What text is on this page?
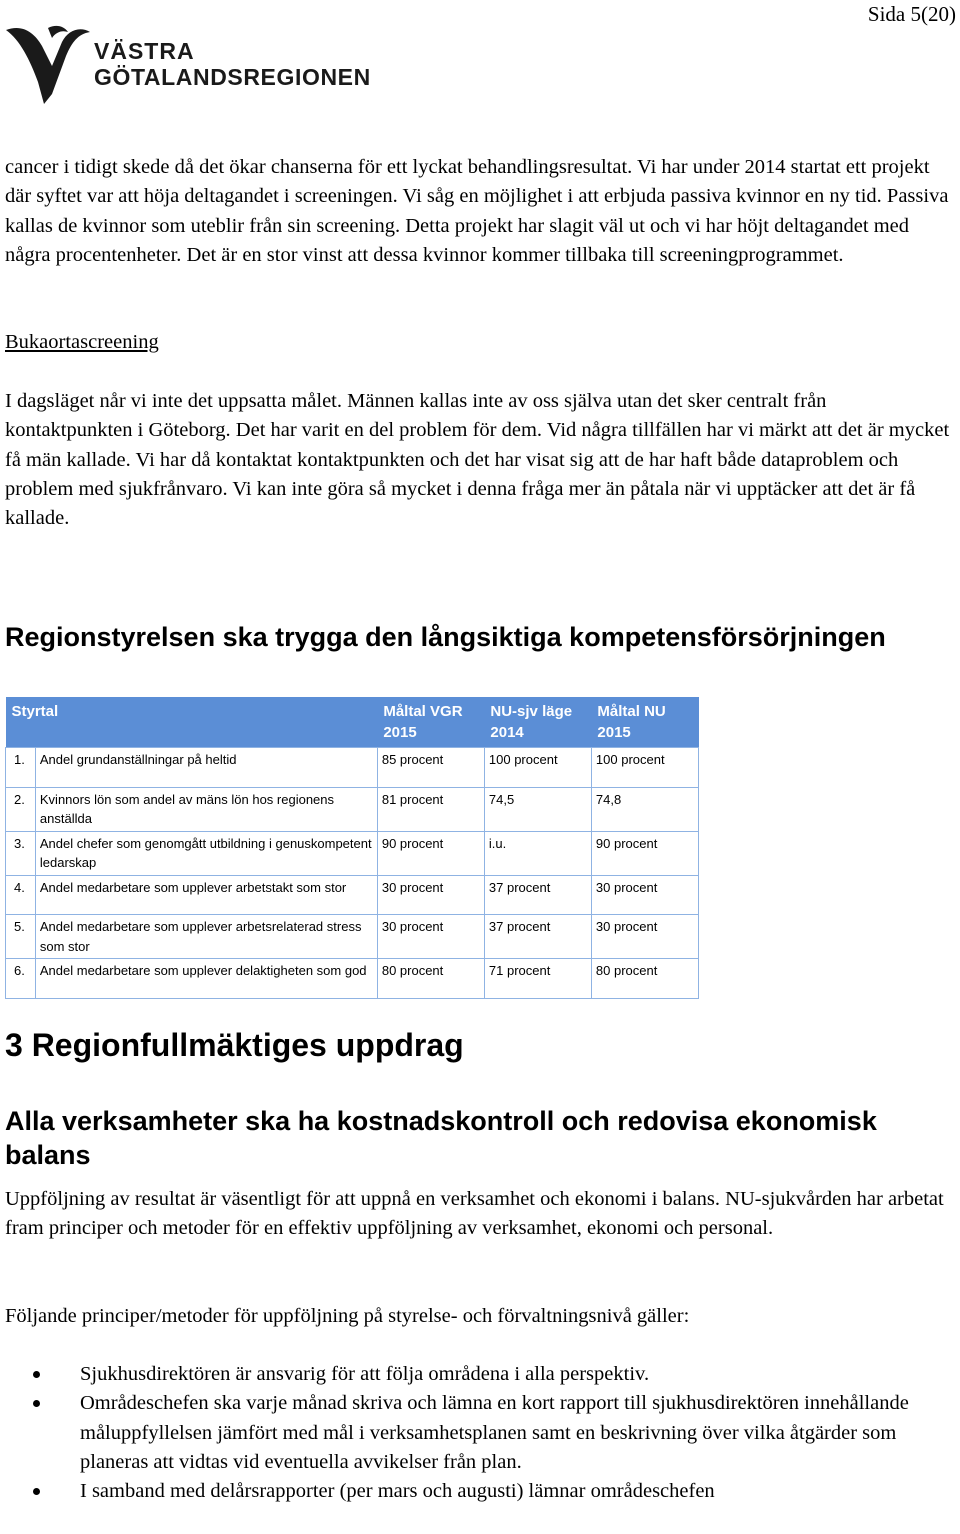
Sida 5(20)
VÄSTRA
GÖTALANDSREGIONEN

cancer i tidigt skede då det ökar chanserna för ett lyckat behandlingsresultat. Vi har under 2014 startat ett projekt där syftet var att höja deltagandet i screeningen. Vi såg en möjlighet i att erbjuda passiva kvinnor en ny tid. Passiva kallas de kvinnor som uteblir från sin screening. Detta projekt har slagit väl ut och vi har höjt deltagandet med några procentenheter. Det är en stor vinst att dessa kvinnor kommer tillbaka till screeningprogrammet.

Bukaortascreening

I dagsläget når vi inte det uppsatta målet. Männen kallas inte av oss själva utan det sker centralt från kontaktpunkten i Göteborg. Det har varit en del problem för dem. Vid några tillfällen har vi märkt att det är mycket få män kallade. Vi har då kontaktat kontaktpunkten och det har visat sig att de har haft både dataproblem och problem med sjukfrånvaro. Vi kan inte göra så mycket i denna fråga mer än påtala när vi upptäcker att det är få kallade.

Regionstyrelsen ska trygga den långsiktiga kompetensförsörjningen
Styrtal		Måltal VGR 2015	NU-sjv läge 2014	Måltal NU 2015
1.	Andel grundanställningar på heltid	85 procent	100 procent	100 procent
2.	Kvinnors lön som andel av mäns lön hos regionens anställda	81 procent	74,5	74,8
3.	Andel chefer som genomgått utbildning i genuskompetent ledarskap	90 procent	i.u.	90 procent
4.	Andel medarbetare som upplever arbetstakt som stor	30 procent	37 procent	30 procent
5.	Andel medarbetare som upplever arbetsrelaterad stress som stor	30 procent	37 procent	30 procent
6.	Andel medarbetare som upplever delaktigheten som god	80 procent	71 procent	80 procent
3 Regionfullmäktiges uppdrag
Alla verksamheter ska ha kostnadskontroll och redovisa ekonomisk balans

Uppföljning av resultat är väsentligt för att uppnå en verksamhet och ekonomi i balans. NU-sjukvården har arbetat fram principer och metoder för en effektiv uppföljning av verksamhet, ekonomi och personal.

Följande principer/metoder för uppföljning på styrelse- och förvaltningsnivå gäller:

Sjukhusdirektören är ansvarig för att följa områdena i alla perspektiv.
Områdeschefen ska varje månad skriva och lämna en kort rapport till sjukhusdirektören innehållande måluppfyllelsen jämfört med mål i verksamhetsplanen samt en beskrivning över vilka åtgärder som planeras att vidtas vid eventuella avvikelser från plan.
I samband med delårsrapporter (per mars och augusti) lämnar områdeschefen
